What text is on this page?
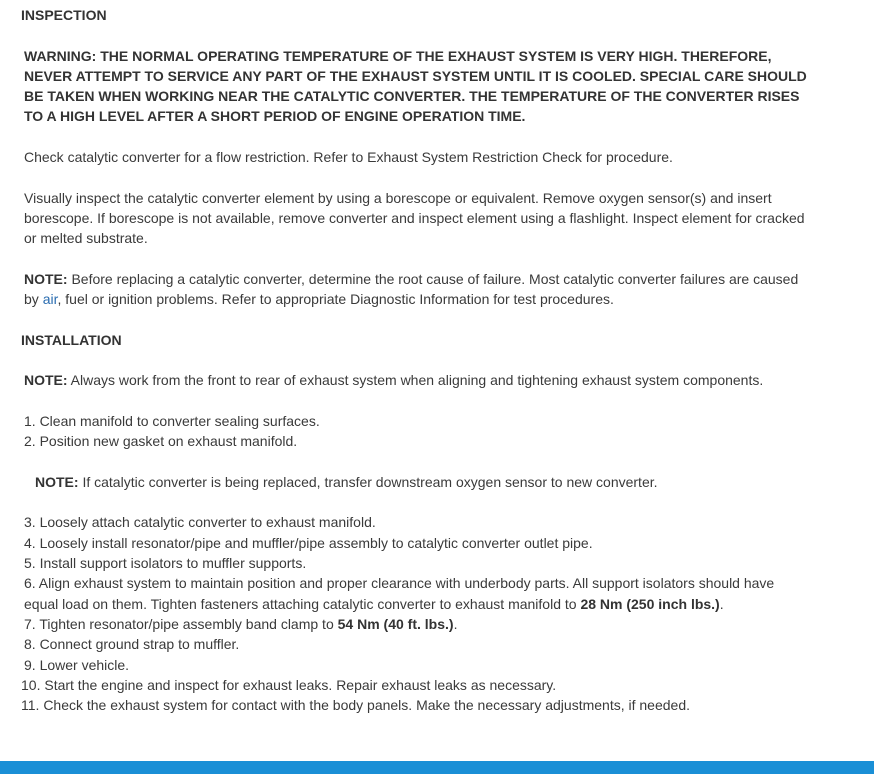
INSPECTION

WARNING: THE NORMAL OPERATING TEMPERATURE OF THE EXHAUST SYSTEM IS VERY HIGH. THEREFORE, NEVER ATTEMPT TO SERVICE ANY PART OF THE EXHAUST SYSTEM UNTIL IT IS COOLED. SPECIAL CARE SHOULD BE TAKEN WHEN WORKING NEAR THE CATALYTIC CONVERTER. THE TEMPERATURE OF THE CONVERTER RISES TO A HIGH LEVEL AFTER A SHORT PERIOD OF ENGINE OPERATION TIME.

Check catalytic converter for a flow restriction. Refer to Exhaust System Restriction Check for procedure.

Visually inspect the catalytic converter element by using a borescope or equivalent. Remove oxygen sensor(s) and insert borescope. If borescope is not available, remove converter and inspect element using a flashlight. Inspect element for cracked or melted substrate.

NOTE: Before replacing a catalytic converter, determine the root cause of failure. Most catalytic converter failures are caused by air, fuel or ignition problems. Refer to appropriate Diagnostic Information for test procedures.

INSTALLATION

NOTE: Always work from the front to rear of exhaust system when aligning and tightening exhaust system components.

1. Clean manifold to converter sealing surfaces.

2. Position new gasket on exhaust manifold.

NOTE: If catalytic converter is being replaced, transfer downstream oxygen sensor to new converter.

3. Loosely attach catalytic converter to exhaust manifold.

4. Loosely install resonator/pipe and muffler/pipe assembly to catalytic converter outlet pipe.

5. Install support isolators to muffler supports.

6. Align exhaust system to maintain position and proper clearance with underbody parts. All support isolators should have equal load on them. Tighten fasteners attaching catalytic converter to exhaust manifold to 28 Nm (250 inch lbs.).

7. Tighten resonator/pipe assembly band clamp to 54 Nm (40 ft. lbs.).

8. Connect ground strap to muffler.

9. Lower vehicle.

10. Start the engine and inspect for exhaust leaks. Repair exhaust leaks as necessary.

11. Check the exhaust system for contact with the body panels. Make the necessary adjustments, if needed.
